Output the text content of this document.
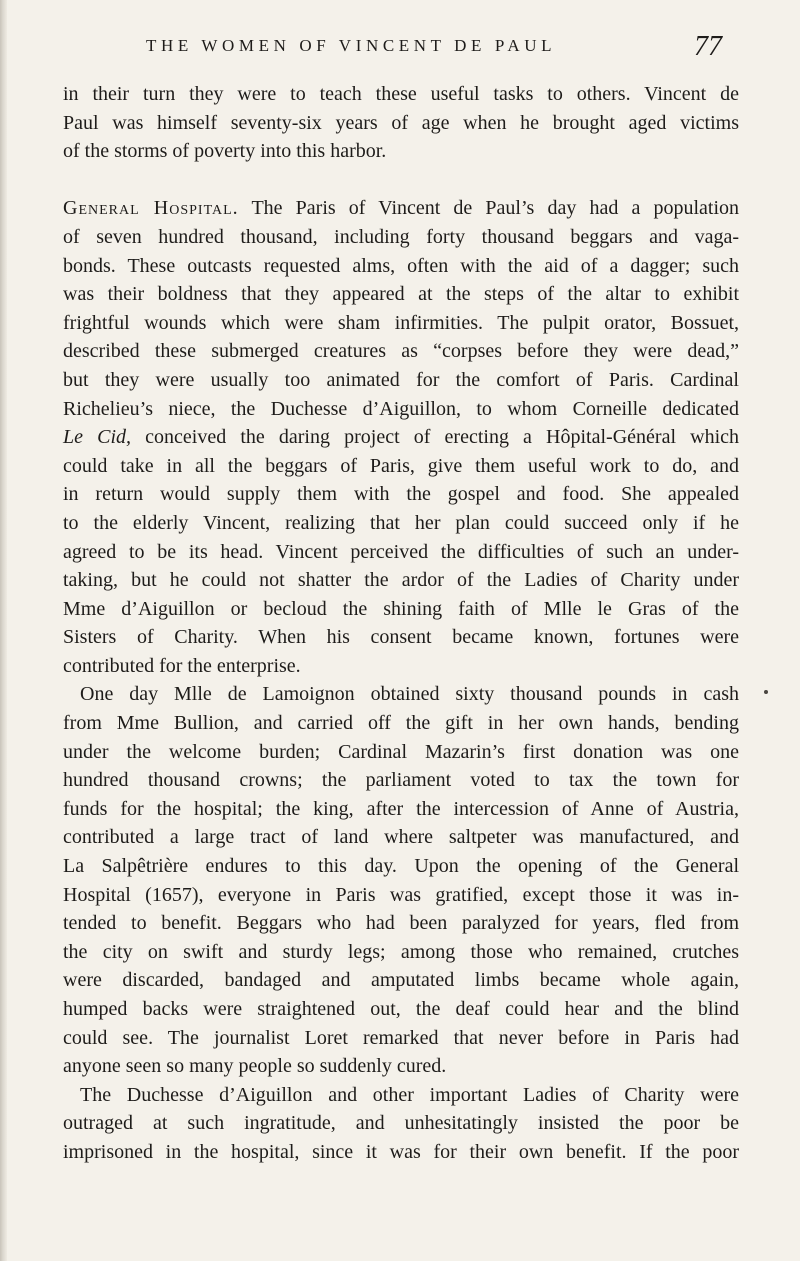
THE WOMEN OF VINCENT DE PAUL	77
in their turn they were to teach these useful tasks to others. Vincent de
Paul was himself seventy-six years of age when he brought aged victims
of the storms of poverty into this harbor.
General Hospital. The Paris of Vincent de Paul’s day had a population
of seven hundred thousand, including forty thousand beggars and vaga-
bonds. These outcasts requested alms, often with the aid of a dagger; such
was their boldness that they appeared at the steps of the altar to exhibit
frightful wounds which were sham infirmities. The pulpit orator, Bossuet,
described these submerged creatures as “corpses before they were dead,”
but they were usually too animated for the comfort of Paris. Cardinal
Richelieu’s niece, the Duchesse d’Aiguillon, to whom Corneille dedicated
Le Cid, conceived the daring project of erecting a Hôpital-Général which
could take in all the beggars of Paris, give them useful work to do, and
in return would supply them with the gospel and food. She appealed
to the elderly Vincent, realizing that her plan could succeed only if he
agreed to be its head. Vincent perceived the difficulties of such an under-
taking, but he could not shatter the ardor of the Ladies of Charity under
Mme d’Aiguillon or becloud the shining faith of Mlle le Gras of the
Sisters of Charity. When his consent became known, fortunes were
contributed for the enterprise.
One day Mlle de Lamoignon obtained sixty thousand pounds in cash
from Mme Bullion, and carried off the gift in her own hands, bending
under the welcome burden; Cardinal Mazarin’s first donation was one
hundred thousand crowns; the parliament voted to tax the town for
funds for the hospital; the king, after the intercession of Anne of Austria,
contributed a large tract of land where saltpeter was manufactured, and
La Salpêtrière endures to this day. Upon the opening of the General
Hospital (1657), everyone in Paris was gratified, except those it was in-
tended to benefit. Beggars who had been paralyzed for years, fled from
the city on swift and sturdy legs; among those who remained, crutches
were discarded, bandaged and amputated limbs became whole again,
humped backs were straightened out, the deaf could hear and the blind
could see. The journalist Loret remarked that never before in Paris had
anyone seen so many people so suddenly cured.
The Duchesse d’Aiguillon and other important Ladies of Charity were
outraged at such ingratitude, and unhesitatingly insisted the poor be
imprisoned in the hospital, since it was for their own benefit. If the poor
